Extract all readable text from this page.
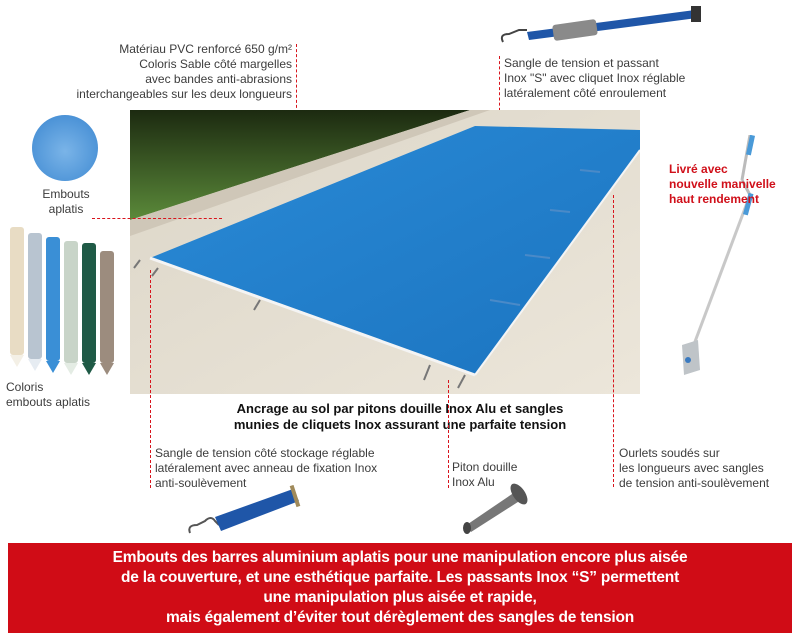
Matériau PVC renforcé 650 g/m²
Coloris Sable côté margelles
avec bandes anti-abrasions
interchangeables sur les deux longueurs
Sangle de tension et passant
Inox "S" avec cliquet Inox réglable
latéralement côté enroulement
Embouts
aplatis
Coloris
embouts aplatis
Livré avec
nouvelle manivelle
haut rendement
Ancrage au sol par pitons douille Inox Alu et sangles
munies de cliquets Inox assurant une parfaite tension
Sangle de tension côté stockage réglable
latéralement avec anneau de fixation Inox
anti-soulèvement
Piton douille
Inox Alu
Ourlets soudés sur
les longueurs avec sangles
de tension anti-soulèvement
Embouts des barres aluminium aplatis pour une manipulation encore plus aisée
de la couverture, et une esthétique parfaite. Les passants Inox “S” permettent
une manipulation plus aisée et rapide,
mais également d’éviter tout dérèglement des sangles de tension
